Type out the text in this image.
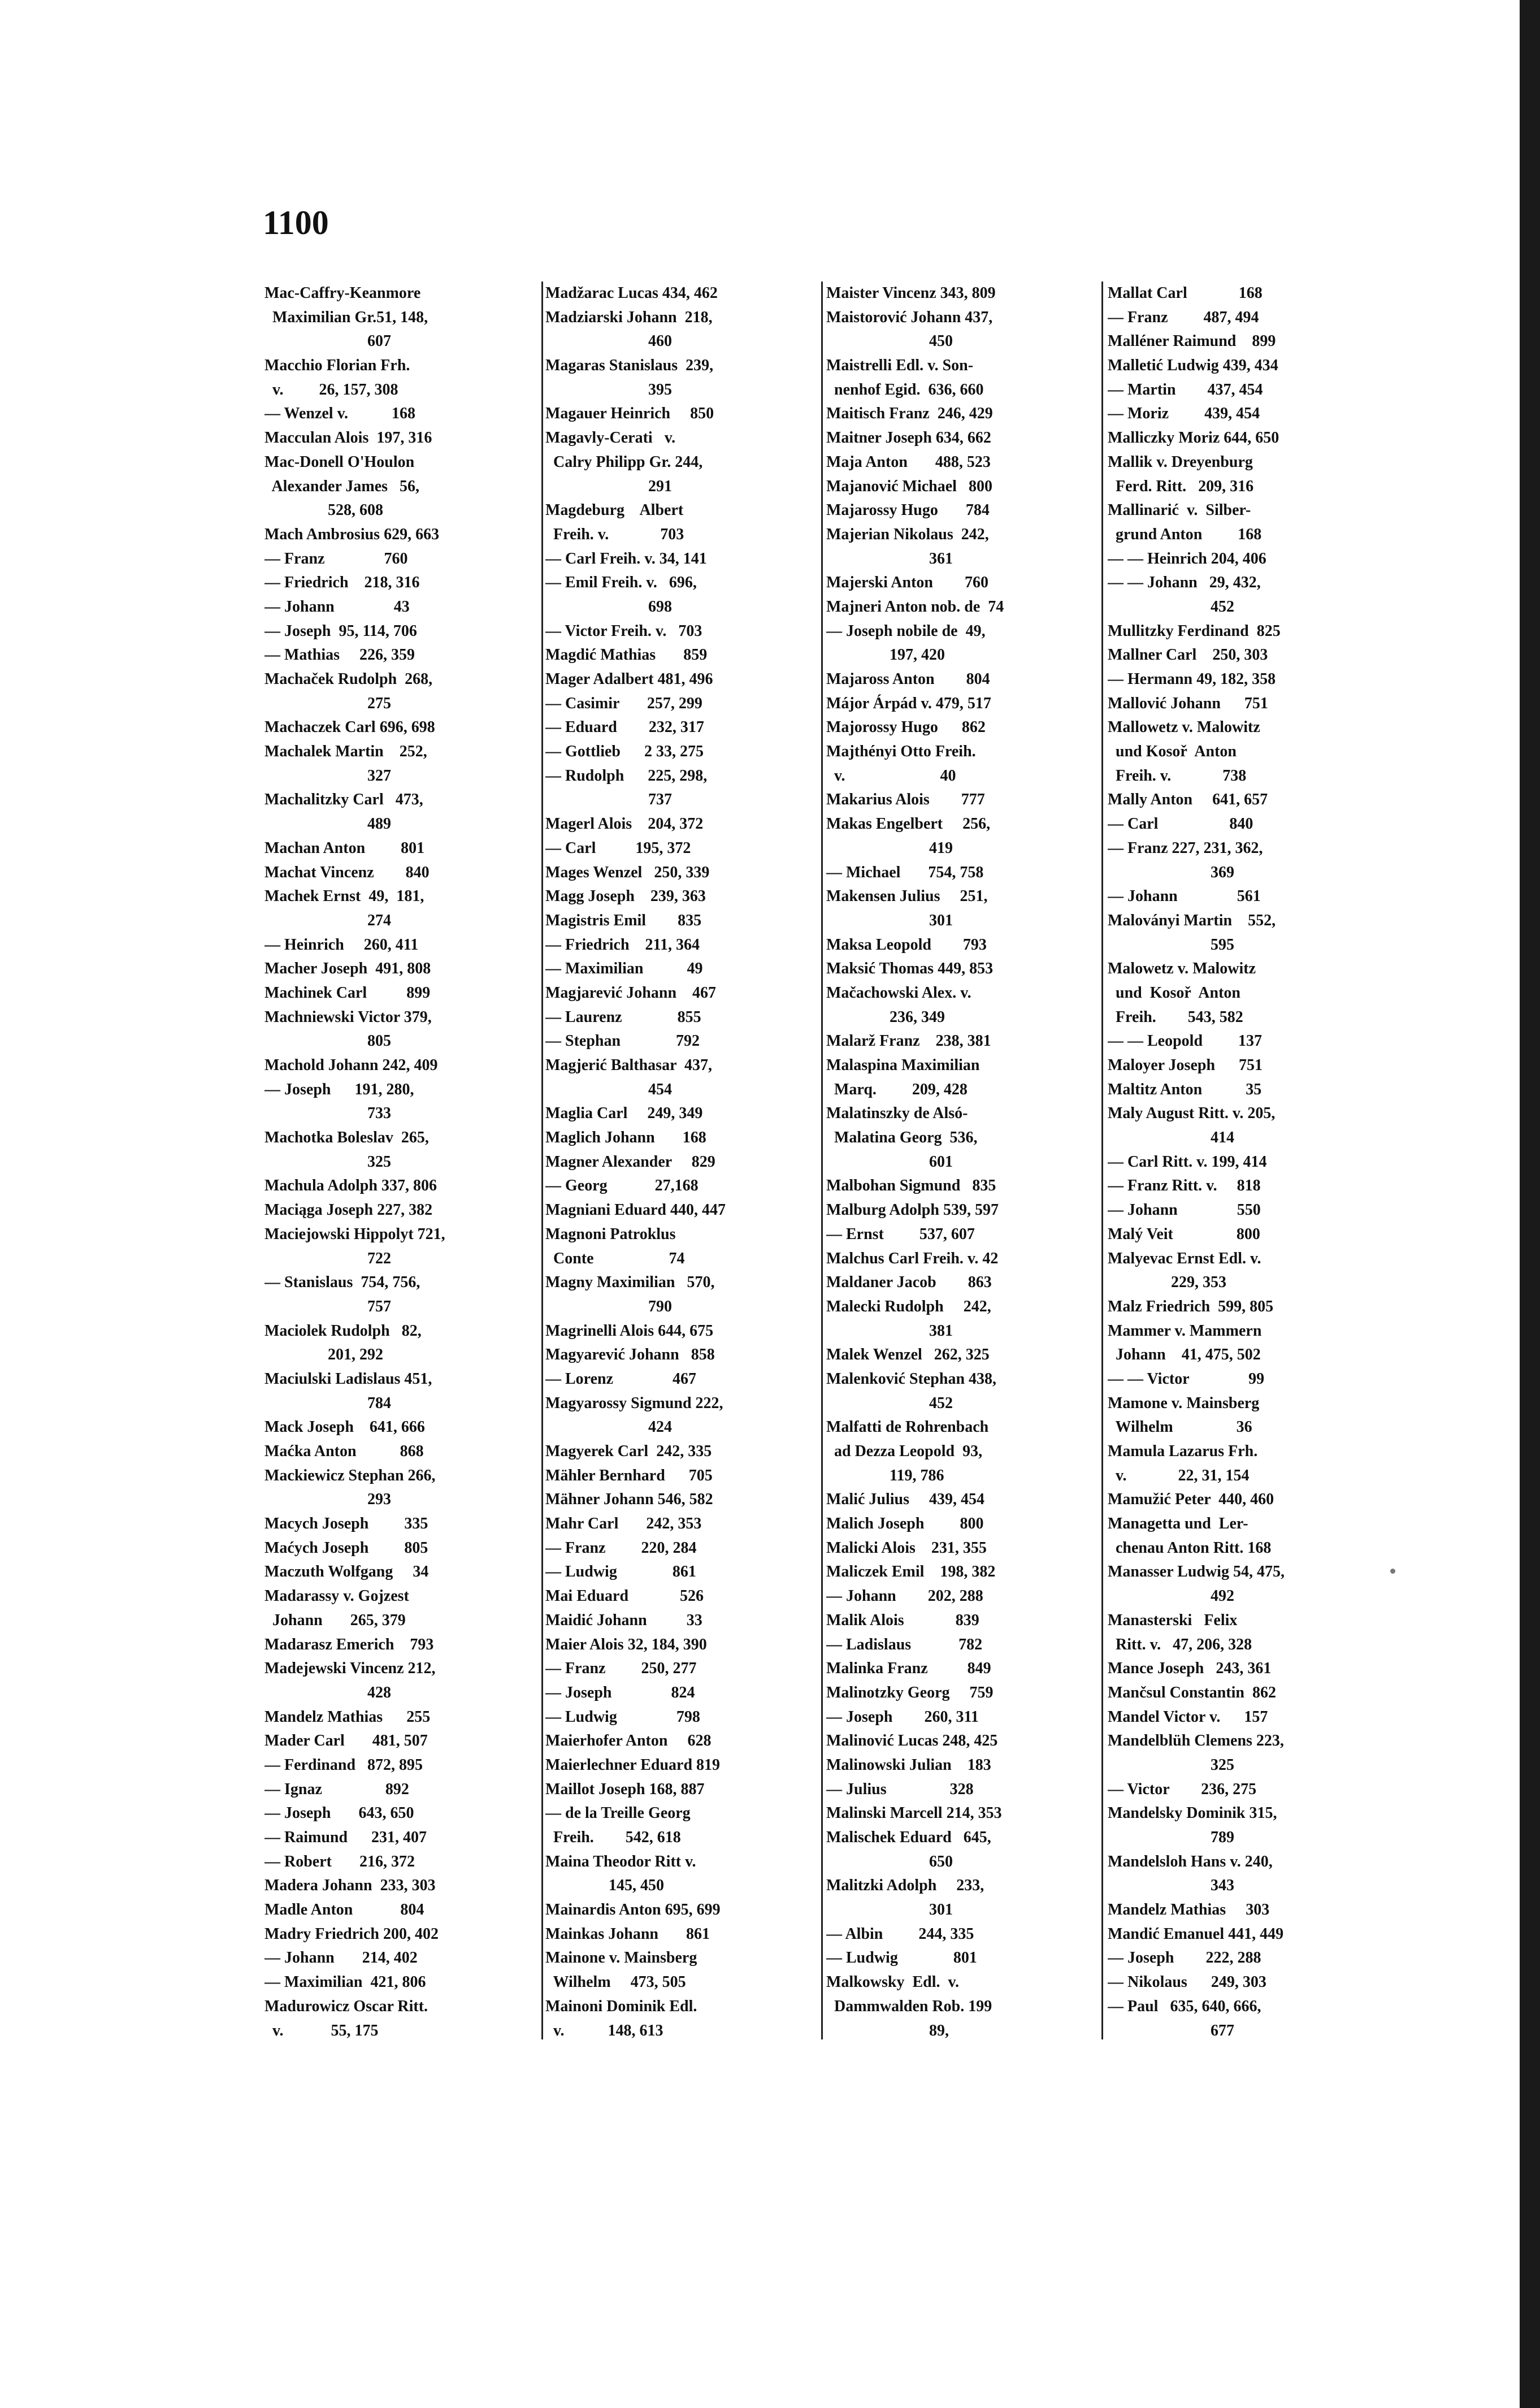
1100
Mac-Caffry-Keanmore
Maximilian Gr.51, 148,
607
Macchio Florian Frh.
v.         26, 157, 308
— Wenzel v.           168
Macculan Alois  197, 316
Mac-Donell O'Houlon
Alexander James   56,
528, 608
Mach Ambrosius 629, 663
— Franz               760
— Friedrich    218, 316
— Johann               43
— Joseph  95, 114, 706
— Mathias     226, 359
Machaček Rudolph  268,
275
Machaczek Carl 696, 698
Machalek Martin    252,
327
Machalitzky Carl   473,
489
Machan Anton         801
Machat Vincenz        840
Machek Ernst  49,  181,
274
— Heinrich     260, 411
Macher Joseph  491, 808
Machinek Carl          899
Machniewski Victor 379,
805
Machold Johann 242, 409
— Joseph      191, 280,
733
Machotka Boleslav  265,
325
Machula Adolph 337, 806
Maciąga Joseph 227, 382
Maciejowski Hippolyt 721,
722
— Stanislaus  754, 756,
757
Maciolek Rudolph   82,
201, 292
Maciulski Ladislaus 451,
784
Mack Joseph    641, 666
Maćka Anton           868
Mackiewicz Stephan 266,
293
Macych Joseph         335
Maćych Joseph         805
Maczuth Wolfgang     34
Madarassy v. Gojzest
Johann       265, 379
Madarasz Emerich    793
Madejewski Vincenz 212,
428
Mandelz Mathias      255
Mader Carl       481, 507
— Ferdinand   872, 895
— Ignaz                892
— Joseph       643, 650
— Raimund      231, 407
— Robert       216, 372
Madera Johann  233, 303
Madle Anton            804
Madry Friedrich 200, 402
— Johann       214, 402
— Maximilian  421, 806
Madurowicz Oscar Ritt.
v.            55, 175
Madžarac Lucas 434, 462
Madziarski Johann  218,
460
Magaras Stanislaus  239,
395
Magauer Heinrich     850
Magavly-Cerati   v.
Calry Philipp Gr. 244,
291
Magdeburg    Albert
Freih. v.             703
— Carl Freih. v. 34, 141
— Emil Freih. v.   696,
698
— Victor Freih. v.   703
Magdić Mathias       859
Mager Adalbert 481, 496
— Casimir       257, 299
— Eduard        232, 317
— Gottlieb      2 33, 275
— Rudolph      225, 298,
737
Magerl Alois    204, 372
— Carl          195, 372
Mages Wenzel   250, 339
Magg Joseph    239, 363
Magistris Emil        835
— Friedrich    211, 364
— Maximilian           49
Magjarević Johann    467
— Laurenz              855
— Stephan              792
Magjerić Balthasar  437,
454
Maglia Carl     249, 349
Maglich Johann       168
Magner Alexander     829
— Georg            27,168
Magniani Eduard 440, 447
Magnoni Patroklus
Conte                   74
Magny Maximilian   570,
790
Magrinelli Alois 644, 675
Magyarević Johann   858
— Lorenz               467
Magyarossy Sigmund 222,
424
Magyerek Carl  242, 335
Mähler Bernhard      705
Mähner Johann 546, 582
Mahr Carl       242, 353
— Franz         220, 284
— Ludwig              861
Mai Eduard             526
Maidić Johann          33
Maier Alois 32, 184, 390
— Franz         250, 277
— Joseph               824
— Ludwig               798
Maierhofer Anton     628
Maierlechner Eduard 819
Maillot Joseph 168, 887
— de la Treille Georg
Freih.        542, 618
Maina Theodor Ritt v.
145, 450
Mainardis Anton 695, 699
Mainkas Johann       861
Mainone v. Mainsberg
Wilhelm     473, 505
Mainoni Dominik Edl.
v.           148, 613
Maister Vincenz 343, 809
Maistorović Johann 437,
450
Maistrelli Edl. v. Son-
nenhof Egid.  636, 660
Maitisch Franz  246, 429
Maitner Joseph 634, 662
Maja Anton       488, 523
Majanović Michael   800
Majarossy Hugo       784
Majerian Nikolaus  242,
361
Majerski Anton        760
Majneri Anton nob. de  74
— Joseph nobile de  49,
197, 420
Majaross Anton        804
Májor Árpád v. 479, 517
Majorossy Hugo      862
Majthényi Otto Freih.
v.                        40
Makarius Alois        777
Makas Engelbert     256,
419
— Michael       754, 758
Makensen Julius     251,
301
Maksa Leopold        793
Maksić Thomas 449, 853
Mačachowski Alex. v.
236, 349
Malarž Franz    238, 381
Malaspina Maximilian
Marq.         209, 428
Malatinszky de Alsó-
Malatina Georg  536,
601
Malbohan Sigmund   835
Malburg Adolph 539, 597
— Ernst         537, 607
Malchus Carl Freih. v. 42
Maldaner Jacob        863
Malecki Rudolph     242,
381
Malek Wenzel   262, 325
Malenković Stephan 438,
452
Malfatti de Rohrenbach
ad Dezza Leopold  93,
119, 786
Malić Julius     439, 454
Malich Joseph         800
Malicki Alois    231, 355
Maliczek Emil    198, 382
— Johann        202, 288
Malik Alois             839
— Ladislaus            782
Malinka Franz          849
Malinotzky Georg     759
— Joseph        260, 311
Malinović Lucas 248, 425
Malinowski Julian    183
— Julius                328
Malinski Marcell 214, 353
Malischek Eduard   645,
650
Malitzki Adolph     233,
301
— Albin         244, 335
— Ludwig              801
Malkowsky  Edl.  v.
Dammwalden Rob. 199
89,
Mallat Carl             168
— Franz         487, 494
Malléner Raimund    899
Malletić Ludwig 439, 434
— Martin        437, 454
— Moriz         439, 454
Malliczky Moriz 644, 650
Mallik v. Dreyenburg
Ferd. Ritt.   209, 316
Mallinarić  v.  Silber-
grund Anton         168
— — Heinrich 204, 406
— — Johann   29, 432,
452
Mullitzky Ferdinand  825
Mallner Carl    250, 303
— Hermann 49, 182, 358
Mallović Johann      751
Mallowetz v. Malowitz
und Kosoř  Anton
Freih. v.             738
Mally Anton     641, 657
— Carl                  840
— Franz 227, 231, 362,
369
— Johann               561
Maloványi Martin    552,
595
Malowetz v. Malowitz
und  Kosoř  Anton
Freih.        543, 582
— — Leopold         137
Maloyer Joseph      751
Maltitz Anton           35
Maly August Ritt. v. 205,
414
— Carl Ritt. v. 199, 414
— Franz Ritt. v.     818
— Johann               550
Malý Veit                800
Malyevac Ernst Edl. v.
229, 353
Malz Friedrich  599, 805
Mammer v. Mammern
Johann    41, 475, 502
— — Victor               99
Mamone v. Mainsberg
Wilhelm                36
Mamula Lazarus Frh.
v.             22, 31, 154
Mamužić Peter  440, 460
Managetta und  Ler-
chenau Anton Ritt. 168
Manasser Ludwig 54, 475,
492
Manasterski   Felix
Ritt. v.   47, 206, 328
Mance Joseph   243, 361
Mančsul Constantin  862
Mandel Victor v.      157
Mandelblüh Clemens 223,
325
— Victor        236, 275
Mandelsky Dominik 315,
789
Mandelsloh Hans v. 240,
343
Mandelz Mathias     303
Mandić Emanuel 441, 449
— Joseph        222, 288
— Nikolaus      249, 303
— Paul   635, 640, 666,
677
